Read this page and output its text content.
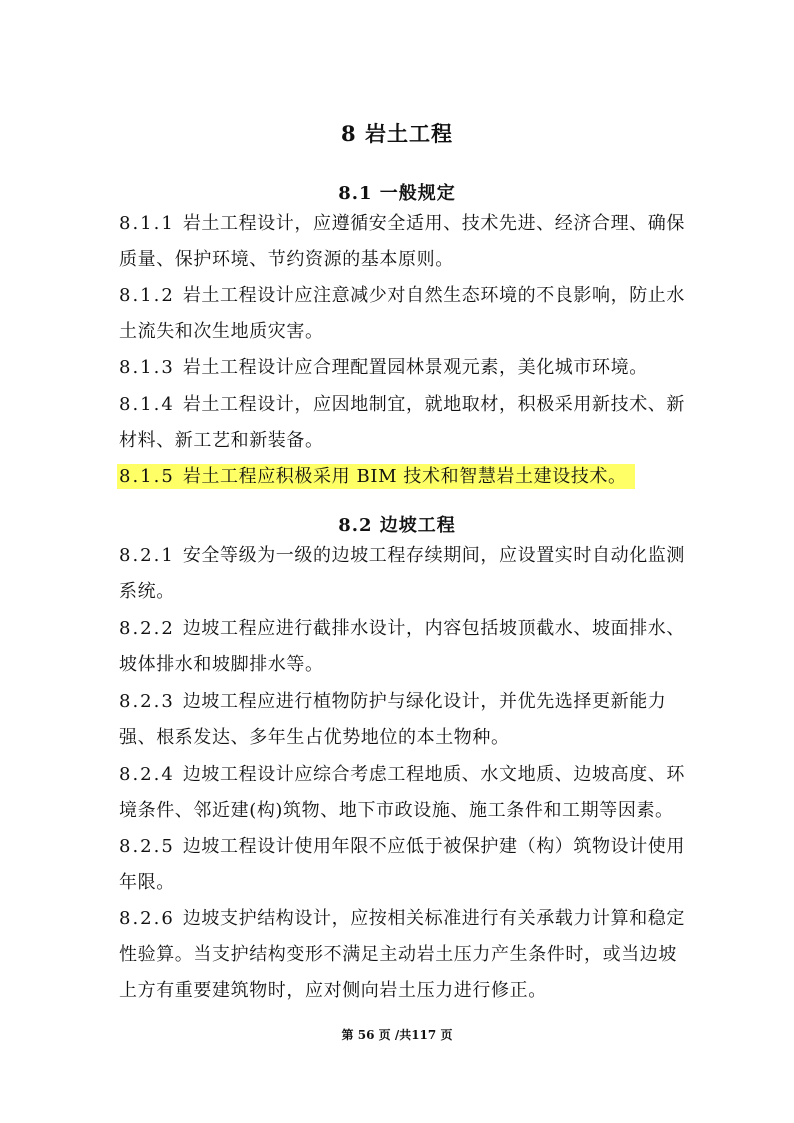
8 岩土工程
8.1 一般规定

8.1.1 岩土工程设计，应遵循安全适用、技术先进、经济合理、确保质量、保护环境、节约资源的基本原则。

8.1.2 岩土工程设计应注意减少对自然生态环境的不良影响，防止水土流失和次生地质灾害。

8.1.3 岩土工程设计应合理配置园林景观元素，美化城市环境。

8.1.4 岩土工程设计，应因地制宜，就地取材，积极采用新技术、新材料、新工艺和新装备。

8.1.5 岩土工程应积极采用 BIM 技术和智慧岩土建设技术。

8.2 边坡工程

8.2.1 安全等级为一级的边坡工程存续期间，应设置实时自动化监测系统。

8.2.2 边坡工程应进行截排水设计，内容包括坡顶截水、坡面排水、坡体排水和坡脚排水等。

8.2.3 边坡工程应进行植物防护与绿化设计，并优先选择更新能力强、根系发达、多年生占优势地位的本土物种。

8.2.4 边坡工程设计应综合考虑工程地质、水文地质、边坡高度、环境条件、邻近建(构)筑物、地下市政设施、施工条件和工期等因素。

8.2.5 边坡工程设计使用年限不应低于被保护建（构）筑物设计使用年限。

8.2.6 边坡支护结构设计，应按相关标准进行有关承载力计算和稳定性验算。当支护结构变形不满足主动岩土压力产生条件时，或当边坡上方有重要建筑物时，应对侧向岩土压力进行修正。

第 56 页 /共117 页
